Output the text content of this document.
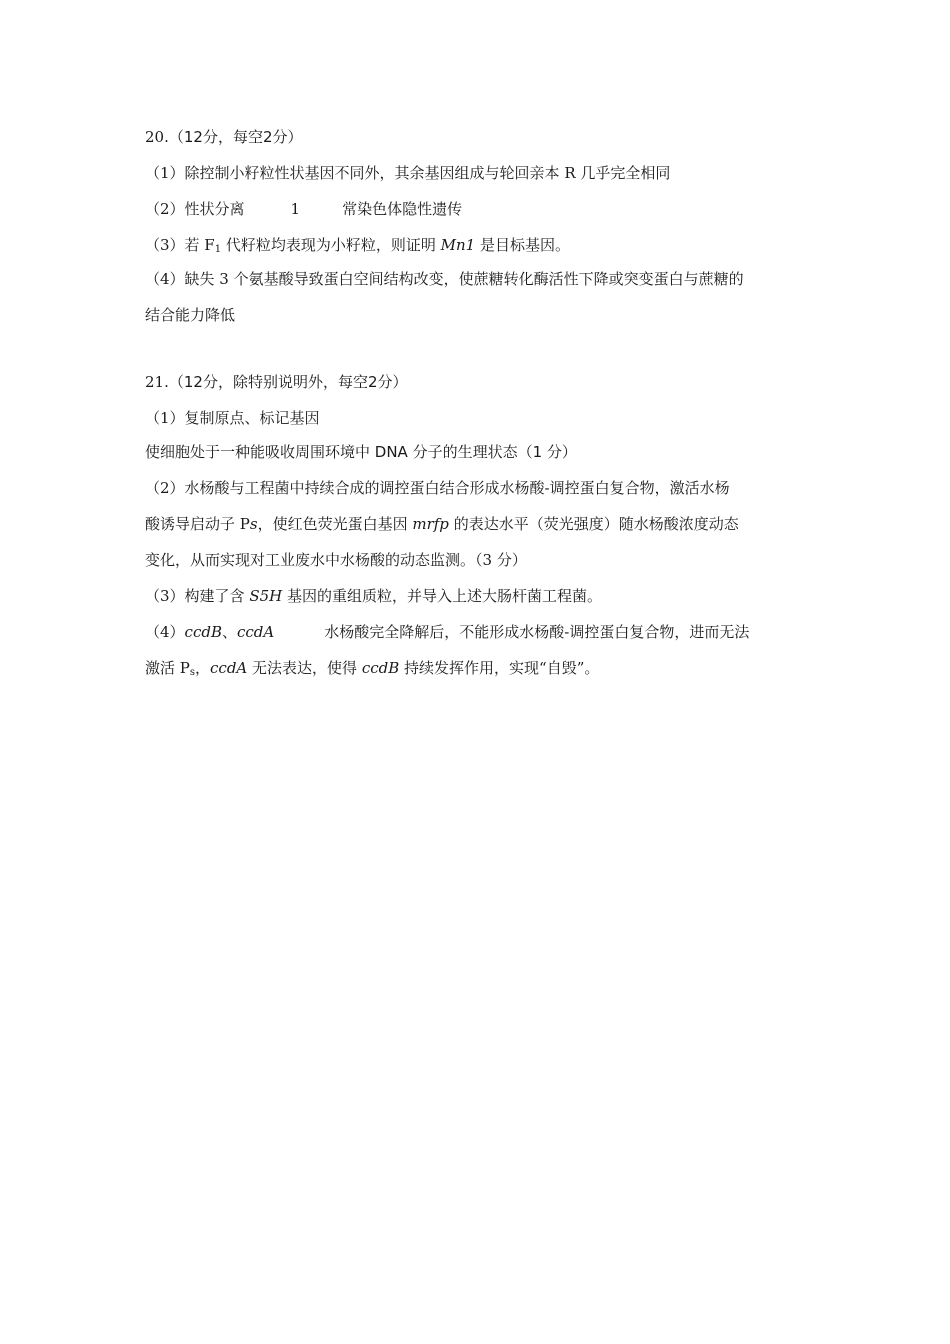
20.（12分，每空2分）
（1）除控制小籽粒性状基因不同外，其余基因组成与轮回亲本 R 几乎完全相同
（2）性状分离	1	常染色体隐性遗传
（3）若 $F_1$ 代籽粒均表现为小籽粒，则证明 Mn1 是目标基因。
（4）缺失 3 个氨基酸导致蛋白空间结构改变，使蔗糖转化酶活性下降或突变蛋白与蔗糖的
结合能力降低
21.（12分，除特别说明外，每空2分）
（1）复制原点、标记基因
使细胞处于一种能吸收周围环境中 DNA 分子的生理状态（1 分）
（2）水杨酸与工程菌中持续合成的调控蛋白结合形成水杨酸-调控蛋白复合物，激活水杨
酸诱导启动子 Ps，使红色荧光蛋白基因 mrfp 的表达水平（荧光强度）随水杨酸浓度动态
变化，从而实现对工业废水中水杨酸的动态监测。（3 分）
（3）构建了含 S5H 基因的重组质粒，并导入上述大肠杆菌工程菌。
（4）ccdB、ccdA	水杨酸完全降解后，不能形成水杨酸-调控蛋白复合物，进而无法
激活 $P_s$，ccdA 无法表达，使得 ccdB 持续发挥作用，实现“自毁”。
